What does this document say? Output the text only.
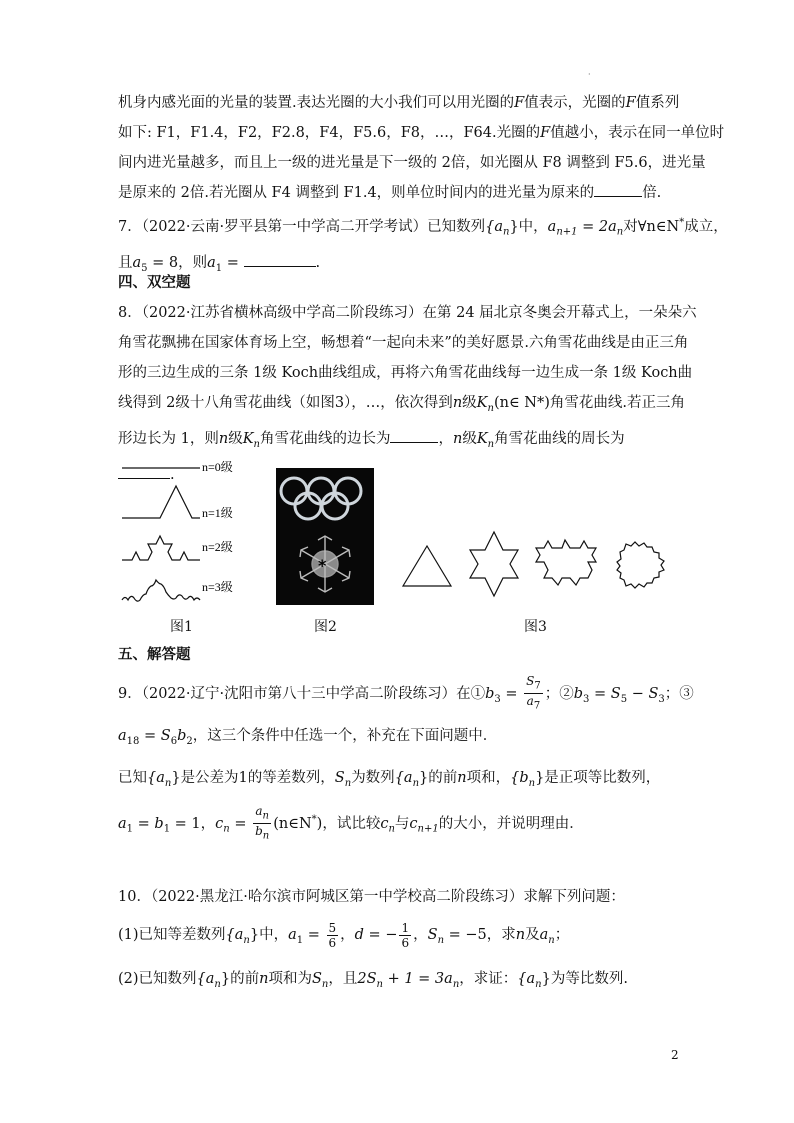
·
机身内感光面的光量的装置.表达光圈的大小我们可以用光圈的F值表示，光圈的F值系列
如下: F1，F1.4，F2，F2.8，F4，F5.6，F8，…，F64.光圈的F值越小，表示在同一单位时
间内进光量越多，而且上一级的进光量是下一级的 2倍，如光圈从 F8 调整到 F5.6，进光量
是原来的 2倍.若光圈从 F4 调整到 F1.4，则单位时间内的进光量为原来的	倍.
7．（2022·云南·罗平县第一中学高二开学考试）已知数列$\{a_n\}$中，$a_{n+1} = 2a_n$对∀n∈N*成立，
且$a_5 = 8$，则$a_1$ =	.
四、双空题
8．（2022·江苏省横林高级中学高二阶段练习）在第 24 届北京冬奥会开幕式上，一朵朵六
角雪花飘拂在国家体育场上空，畅想着“一起向未来”的美好愿景.六角雪花曲线是由正三角
形的三边生成的三条 1级 Koch曲线组成，再将六角雪花曲线每一边生成一条 1级 Koch曲
线得到 2级十八角雪花曲线（如图3），…，依次得到n级$K_n(n\in$ N*)角雪花曲线.若正三角
形边长为 1，则n级$K_n$角雪花曲线的边长为	，n级$K_n$角雪花曲线的周长为
.	n=0级
n=1级
n=2级
n=3级
*
图1	图2	图3
五、解答题
9．（2022·辽宁·沈阳市第八十三中学高二阶段练习）在$①b_3 = \frac{S_7}{a_7}$ ；$②b_3 = S_5 - S_3$；③
$a_{18} = S_6b_2$，这三个条件中任选一个，补充在下面问题中．
已知$\{a_n\}$是公差为1的等差数列，$S_n$为数列$\{a_n\}$的前n项和，$\{b_n\}$是正项等比数列，
$a_1 = b_1 = 1$，$c_n = \frac{a_n}{b_n}$ (n∈N*)，试比较$c_n$与$c_{n+1}$的大小，并说明理由．
10．（2022·黑龙江·哈尔滨市阿城区第一中学校高二阶段练习）求解下列问题：
(1)已知等差数列$\{a_n\}$中，$a_1 = \frac{5}{6}$ ，d = − $\frac{1}{6}$ ，$S_n = -5$，求n及$a_n$；
(2)已知数列$\{a_n\}$的前n项和为$S_n$，且$2S_n + 1 = 3a_n$，求证：$\{a_n\}$为等比数列.
2
